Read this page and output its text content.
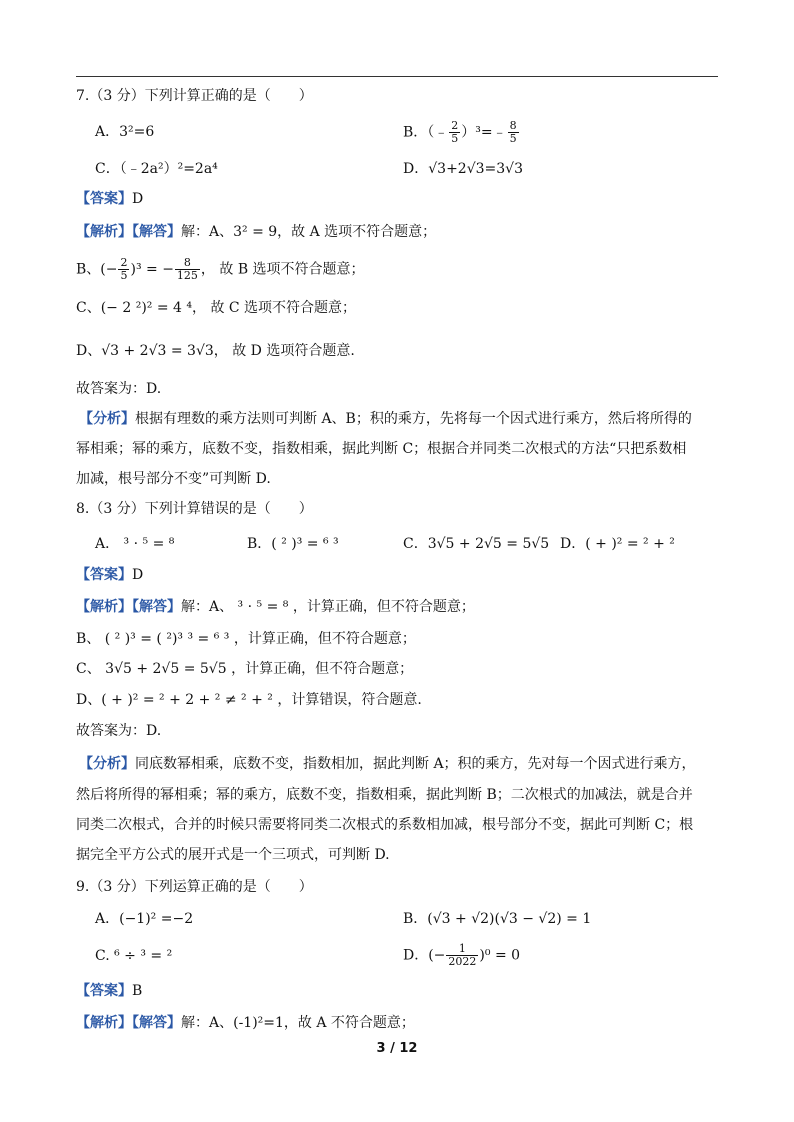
7.（3 分）下列计算正确的是（　　）
A．3²=6	B．（﹣ $\frac{2}{5}$ ）³=﹣ $\frac{8}{5}$
C．（﹣2a²）²=2a⁴	D．√3+2√3=3√3
【答案】D
【解析】【解答】解：A、3² = 9，故 A 选项不符合题意；
B、(− $\frac{2}{5} )^3$ = − $\frac{8}{125}$ ， 故 B 选项不符合题意；
C、(− 2 ²)² = 4 ⁴， 故 C 选项不符合题意；
D、√3 + 2√3 = 3√3， 故 D 选项符合题意.
故答案为：D.
【分析】根据有理数的乘方法则可判断 A、B；积的乘方，先将每一个因式进行乘方，然后将所得的
幂相乘；幂的乘方，底数不变，指数相乘，据此判断 C；根据合并同类二次根式的方法“只把系数相
加减，根号部分不变”可判断 D.
8.（3 分）下列计算错误的是（　　）
A． ³ · ⁵ = ⁸	B．( ² )³ = ⁶ ³	C．3√5 + 2√5 = 5√5 D．( + )² = ² + ²
【答案】D
【解析】【解答】解：A、 ³ · ⁵ = ⁸ ，计算正确，但不符合题意；
B、 ( ² )³ = ( ²)³ ³ = ⁶ ³ ，计算正确，但不符合题意；
C、 3√5 + 2√5 = 5√5 ，计算正确，但不符合题意；
D、( + )² = ² + 2 + ² ≠ ² + ² ，计算错误，符合题意.
故答案为：D.
【分析】同底数幂相乘，底数不变，指数相加，据此判断 A；积的乘方，先对每一个因式进行乘方，
然后将所得的幂相乘；幂的乘方，底数不变，指数相乘，据此判断 B；二次根式的加减法，就是合并
同类二次根式，合并的时候只需要将同类二次根式的系数相加减，根号部分不变，据此可判断 C；根
据完全平方公式的展开式是一个三项式，可判断 D.
9.（3 分）下列运算正确的是（　　）
A．(−1)² =−2	B．(√3 + √2)(√3 − √2) = 1
C. ⁶ ÷ ³ = ²	D．(− $\frac{1}{2022} )^0 = 0$
【答案】B
【解析】【解答】解：A、(-1)²=1，故 A 不符合题意；
3 / 12
